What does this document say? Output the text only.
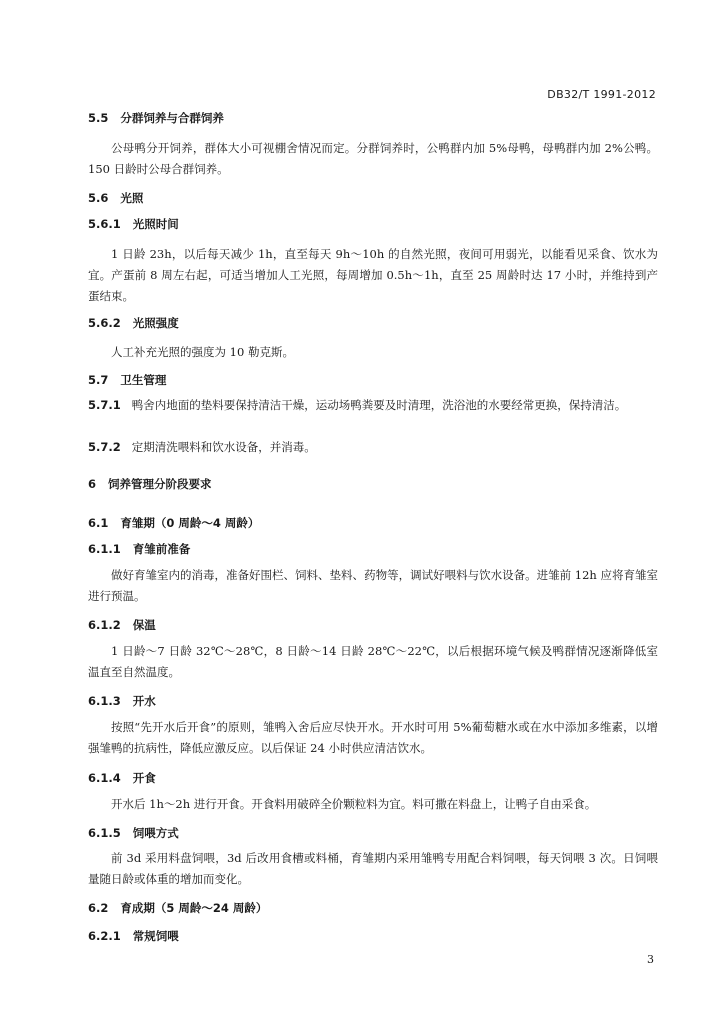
DB32/T 1991-2012
5.5 分群饲养与合群饲养

公母鸭分开饲养，群体大小可视棚舍情况而定。分群饲养时，公鸭群内加 5%母鸭，母鸭群内加 2%公鸭。150 日龄时公母合群饲养。

5.6 光照
5.6.1 光照时间

1 日龄 23h，以后每天减少 1h，直至每天 9h～10h 的自然光照，夜间可用弱光，以能看见采食、饮水为宜。产蛋前 8 周左右起，可适当增加人工光照，每周增加 0.5h～1h，直至 25 周龄时达 17 小时，并维持到产蛋结束。

5.6.2 光照强度

人工补充光照的强度为 10 勒克斯。

5.7 卫生管理

5.7.1 鸭舍内地面的垫料要保持清洁干燥，运动场鸭粪要及时清理，洗浴池的水要经常更换，保持清洁。

5.7.2 定期清洗喂料和饮水设备，并消毒。

6 饲养管理分阶段要求
6.1 育雏期（0 周龄～4 周龄）
6.1.1 育雏前准备

做好育雏室内的消毒，准备好围栏、饲料、垫料、药物等，调试好喂料与饮水设备。进雏前 12h 应将育雏室进行预温。

6.1.2 保温

1 日龄～7 日龄 32℃～28℃，8 日龄～14 日龄 28℃～22℃，以后根据环境气候及鸭群情况逐渐降低室温直至自然温度。

6.1.3 开水

按照“先开水后开食”的原则，雏鸭入舍后应尽快开水。开水时可用 5%葡萄糖水或在水中添加多维素，以增强雏鸭的抗病性，降低应激反应。以后保证 24 小时供应清洁饮水。

6.1.4 开食

开水后 1h～2h 进行开食。开食料用破碎全价颗粒料为宜。料可撒在料盘上，让鸭子自由采食。

6.1.5 饲喂方式

前 3d 采用料盘饲喂，3d 后改用食槽或料桶，育雏期内采用雏鸭专用配合料饲喂，每天饲喂 3 次。日饲喂量随日龄或体重的增加而变化。

6.2 育成期（5 周龄～24 周龄）
6.2.1 常规饲喂
3
